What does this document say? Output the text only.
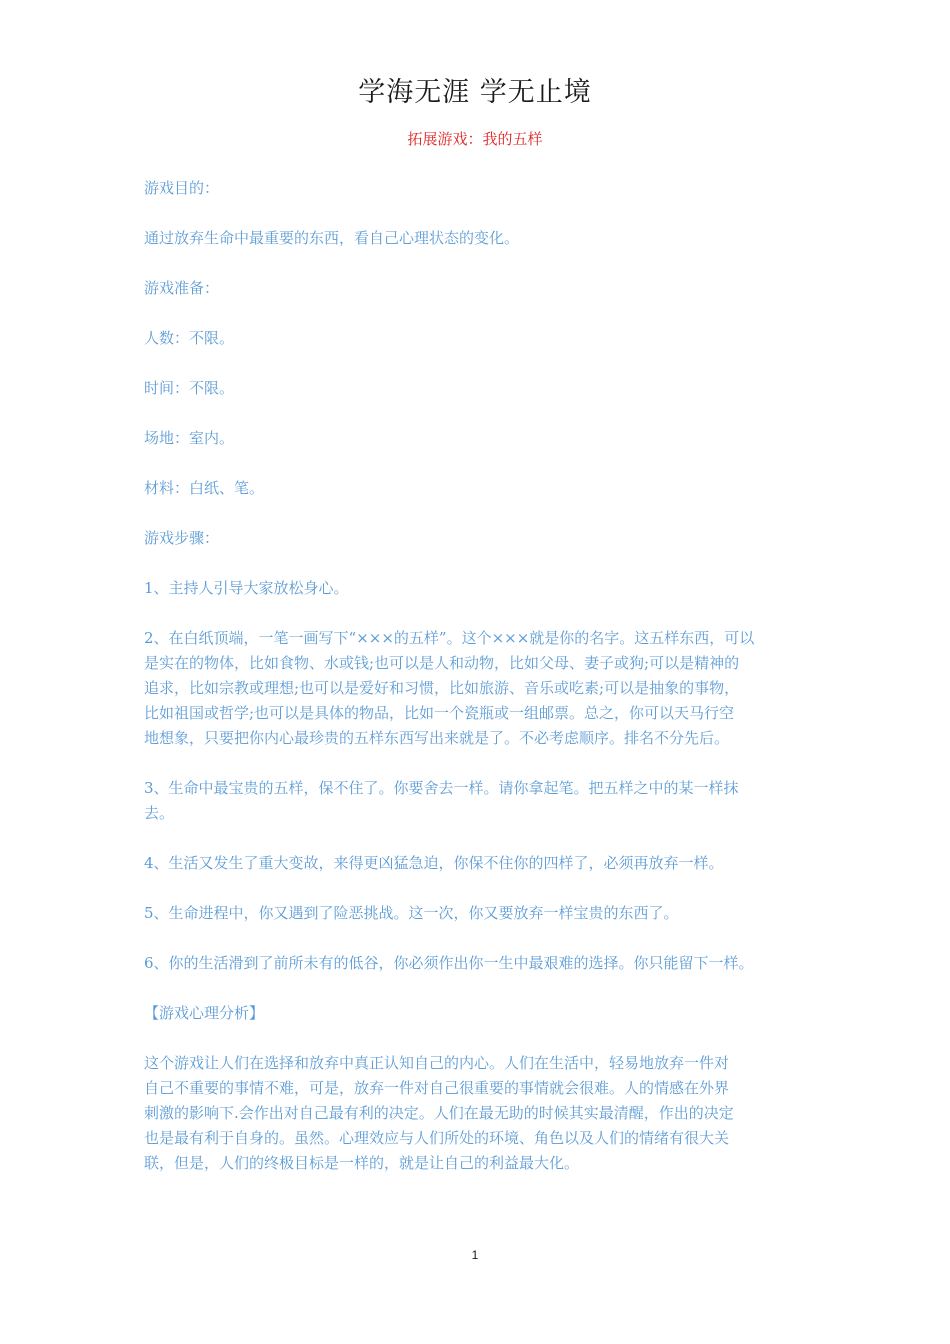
学海无涯 学无止境
拓展游戏：我的五样

游戏目的：

通过放弃生命中最重要的东西，看自己心理状态的变化。

游戏准备：

人数：不限。

时间：不限。

场地：室内。

材料：白纸、笔。

游戏步骤：

1、主持人引导大家放松身心。

2、在白纸顶端，一笔一画写下“×××的五样”。这个×××就是你的名字。这五样东西，可以
是实在的物体，比如食物、水或钱;也可以是人和动物，比如父母、妻子或狗;可以是精神的
追求，比如宗教或理想;也可以是爱好和习惯，比如旅游、音乐或吃素;可以是抽象的事物，
比如祖国或哲学;也可以是具体的物品，比如一个瓷瓶或一组邮票。总之，你可以天马行空
地想象，只要把你内心最珍贵的五样东西写出来就是了。不必考虑顺序。排名不分先后。

3、生命中最宝贵的五样，保不住了。你要舍去一样。请你拿起笔。把五样之中的某一样抹
去。

4、生活又发生了重大变故，来得更凶猛急迫，你保不住你的四样了，必须再放弃一样。

5、生命进程中，你又遇到了险恶挑战。这一次，你又要放弃一样宝贵的东西了。

6、你的生活滑到了前所未有的低谷，你必须作出你一生中最艰难的选择。你只能留下一样。

【游戏心理分析】

这个游戏让人们在选择和放弃中真正认知自己的内心。人们在生活中，轻易地放弃一件对
自己不重要的事情不难，可是，放弃一件对自己很重要的事情就会很难。人的情感在外界
刺激的影响下.会作出对自己最有利的决定。人们在最无助的时候其实最清醒，作出的决定
也是最有利于自身的。虽然。心理效应与人们所处的环境、角色以及人们的情绪有很大关
联，但是，人们的终极目标是一样的，就是让自己的利益最大化。

1
